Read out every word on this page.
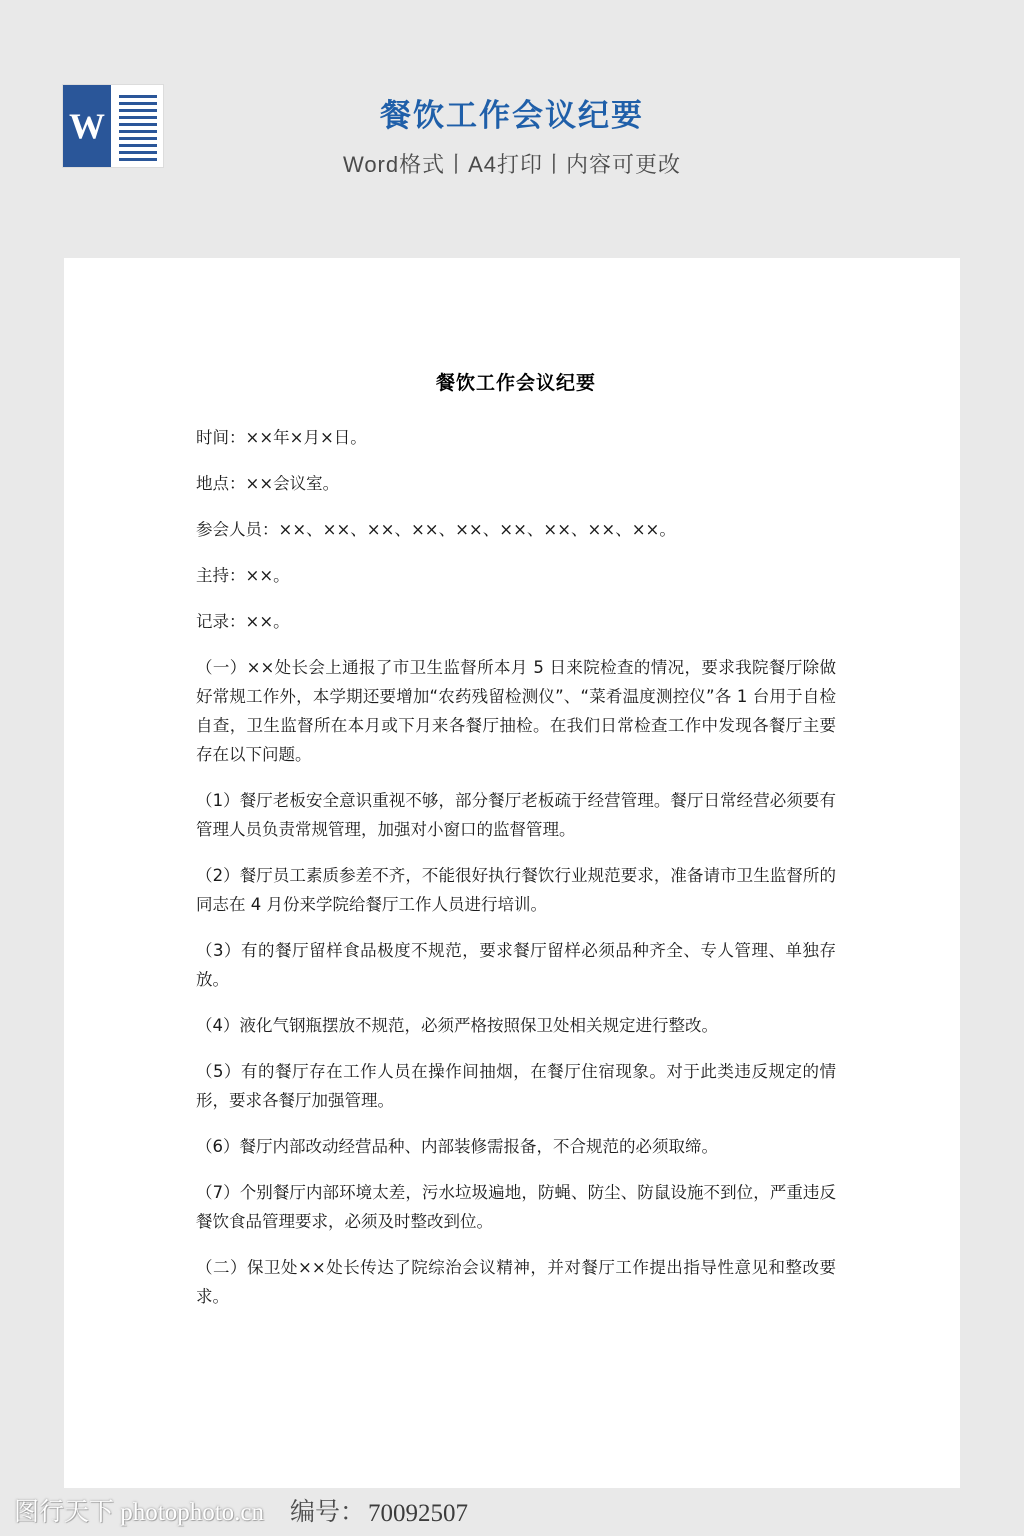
W	餐饮工作会议纪要
Word格式丨A4打印丨内容可更改
餐饮工作会议纪要

时间：××年×月×日。

地点：××会议室。

参会人员：××、××、××、××、××、××、××、××、××。

主持：××。

记录：××。

（一）××处长会上通报了市卫生监督所本月 5 日来院检查的情况，要求我院餐厅除做好常规工作外，本学期还要增加“农药残留检测仪”、“菜肴温度测控仪”各 1 台用于自检自查，卫生监督所在本月或下月来各餐厅抽检。在我们日常检查工作中发现各餐厅主要存在以下问题。

（1）餐厅老板安全意识重视不够，部分餐厅老板疏于经营管理。餐厅日常经营必须要有管理人员负责常规管理，加强对小窗口的监督管理。

（2）餐厅员工素质参差不齐，不能很好执行餐饮行业规范要求，准备请市卫生监督所的同志在 4 月份来学院给餐厅工作人员进行培训。

（3）有的餐厅留样食品极度不规范，要求餐厅留样必须品种齐全、专人管理、单独存放。

（4）液化气钢瓶摆放不规范，必须严格按照保卫处相关规定进行整改。

（5）有的餐厅存在工作人员在操作间抽烟，在餐厅住宿现象。对于此类违反规定的情形，要求各餐厅加强管理。

（6）餐厅内部改动经营品种、内部装修需报备，不合规范的必须取缔。

（7）个别餐厅内部环境太差，污水垃圾遍地，防蝇、防尘、防鼠设施不到位，严重违反餐饮食品管理要求，必须及时整改到位。

（二）保卫处××处长传达了院综治会议精神，并对餐厅工作提出指导性意见和整改要求。

图行天下 photophoto.cn 编号： 70092507
